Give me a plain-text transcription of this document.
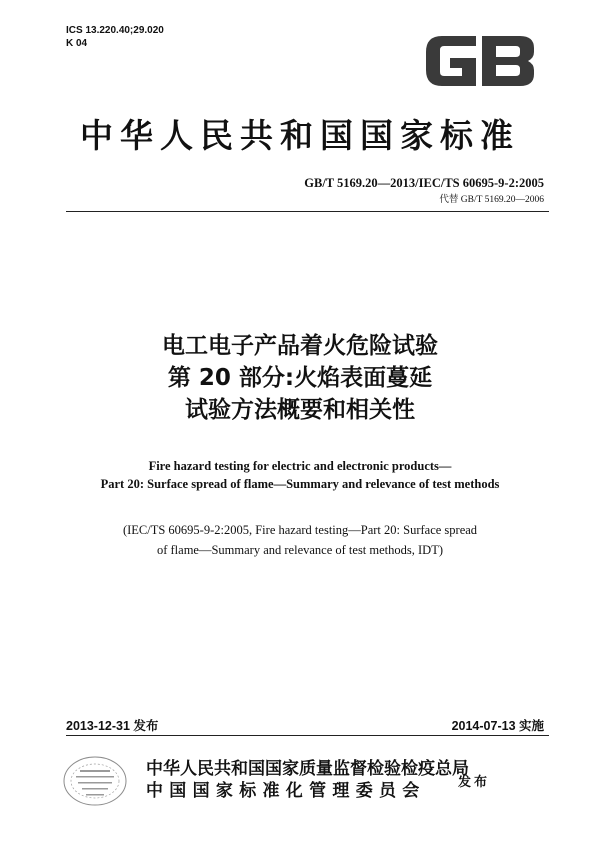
ICS 13.220.40;29.020
K 04
中华人民共和国国家标准
GB/T 5169.20—2013/IEC/TS 60695-9-2:2005
代替 GB/T 5169.20—2006
电工电子产品着火危险试验
第 20 部分:火焰表面蔓延
试验方法概要和相关性
Fire hazard testing for electric and electronic products—
Part 20: Surface spread of flame—Summary and relevance of test methods
(IEC/TS 60695-9-2:2005, Fire hazard testing—Part 20: Surface spread
of flame—Summary and relevance of test methods, IDT)
2013-12-31 发布	2014-07-13 实施
中华人民共和国国家质量监督检验检疫总局
中国国家标准化管理委员会	发布
